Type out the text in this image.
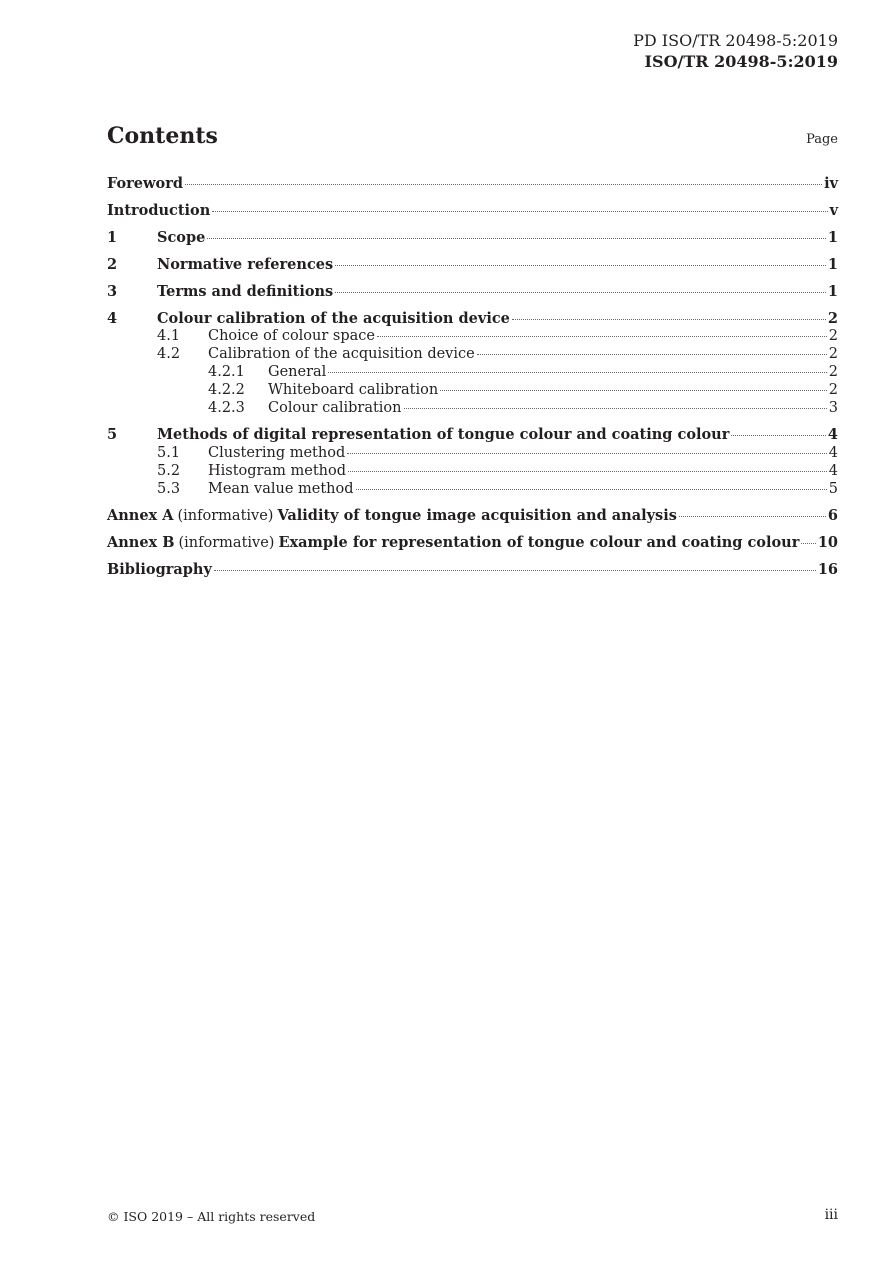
PD ISO/TR 20498-5:2019
ISO/TR 20498-5:2019
Contents	Page
Foreword	iv
Introduction	v
1	Scope	1
2	Normative references	1
3	Terms and definitions	1
4	Colour calibration of the acquisition device	2
4.1	Choice of colour space	2
4.2	Calibration of the acquisition device	2
4.2.1	General	2
4.2.2	Whiteboard calibration	2
4.2.3	Colour calibration	3
5	Methods of digital representation of tongue colour and coating colour	4
5.1	Clustering method	4
5.2	Histogram method	4
5.3	Mean value method	5
Annex A (informative) Validity of tongue image acquisition and analysis	6
Annex B (informative) Example for representation of tongue colour and coating colour 10
Bibliography	16
© ISO 2019 – All rights reserved	iii
